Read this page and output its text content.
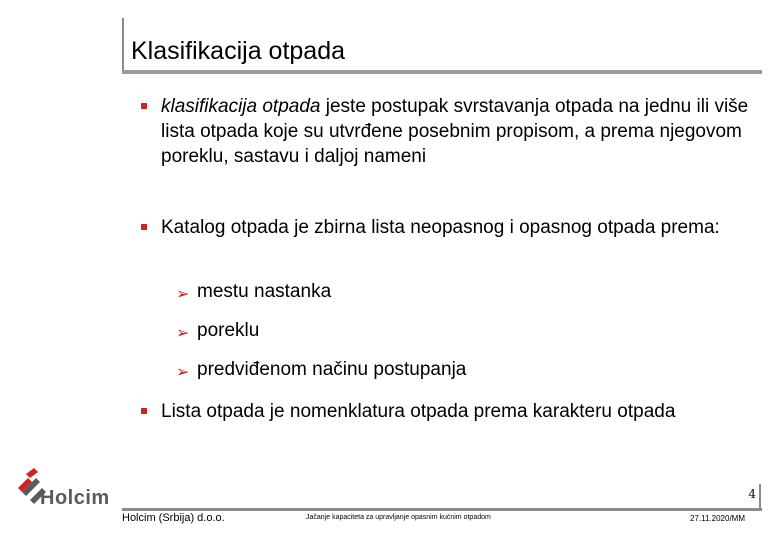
Klasifikacija otpada
klasifikacija otpada jeste postupak svrstavanja otpada na jednu ili više lista otpada koje su utvrđene posebnim propisom, a prema njegovom poreklu, sastavu i daljoj nameni
Katalog otpada je zbirna lista neopasnog i opasnog otpada prema:
➢ mestu nastanka
➢ poreklu
➢ predviđenom načinu postupanja
Lista otpada je nomenklatura otpada prema karakteru otpada
Holcim	4
Holcim (Srbija) d.o.o.	Jačanje kapaciteta za upravljanje opasnim kućnim otpadom	27.11.2020/MM
